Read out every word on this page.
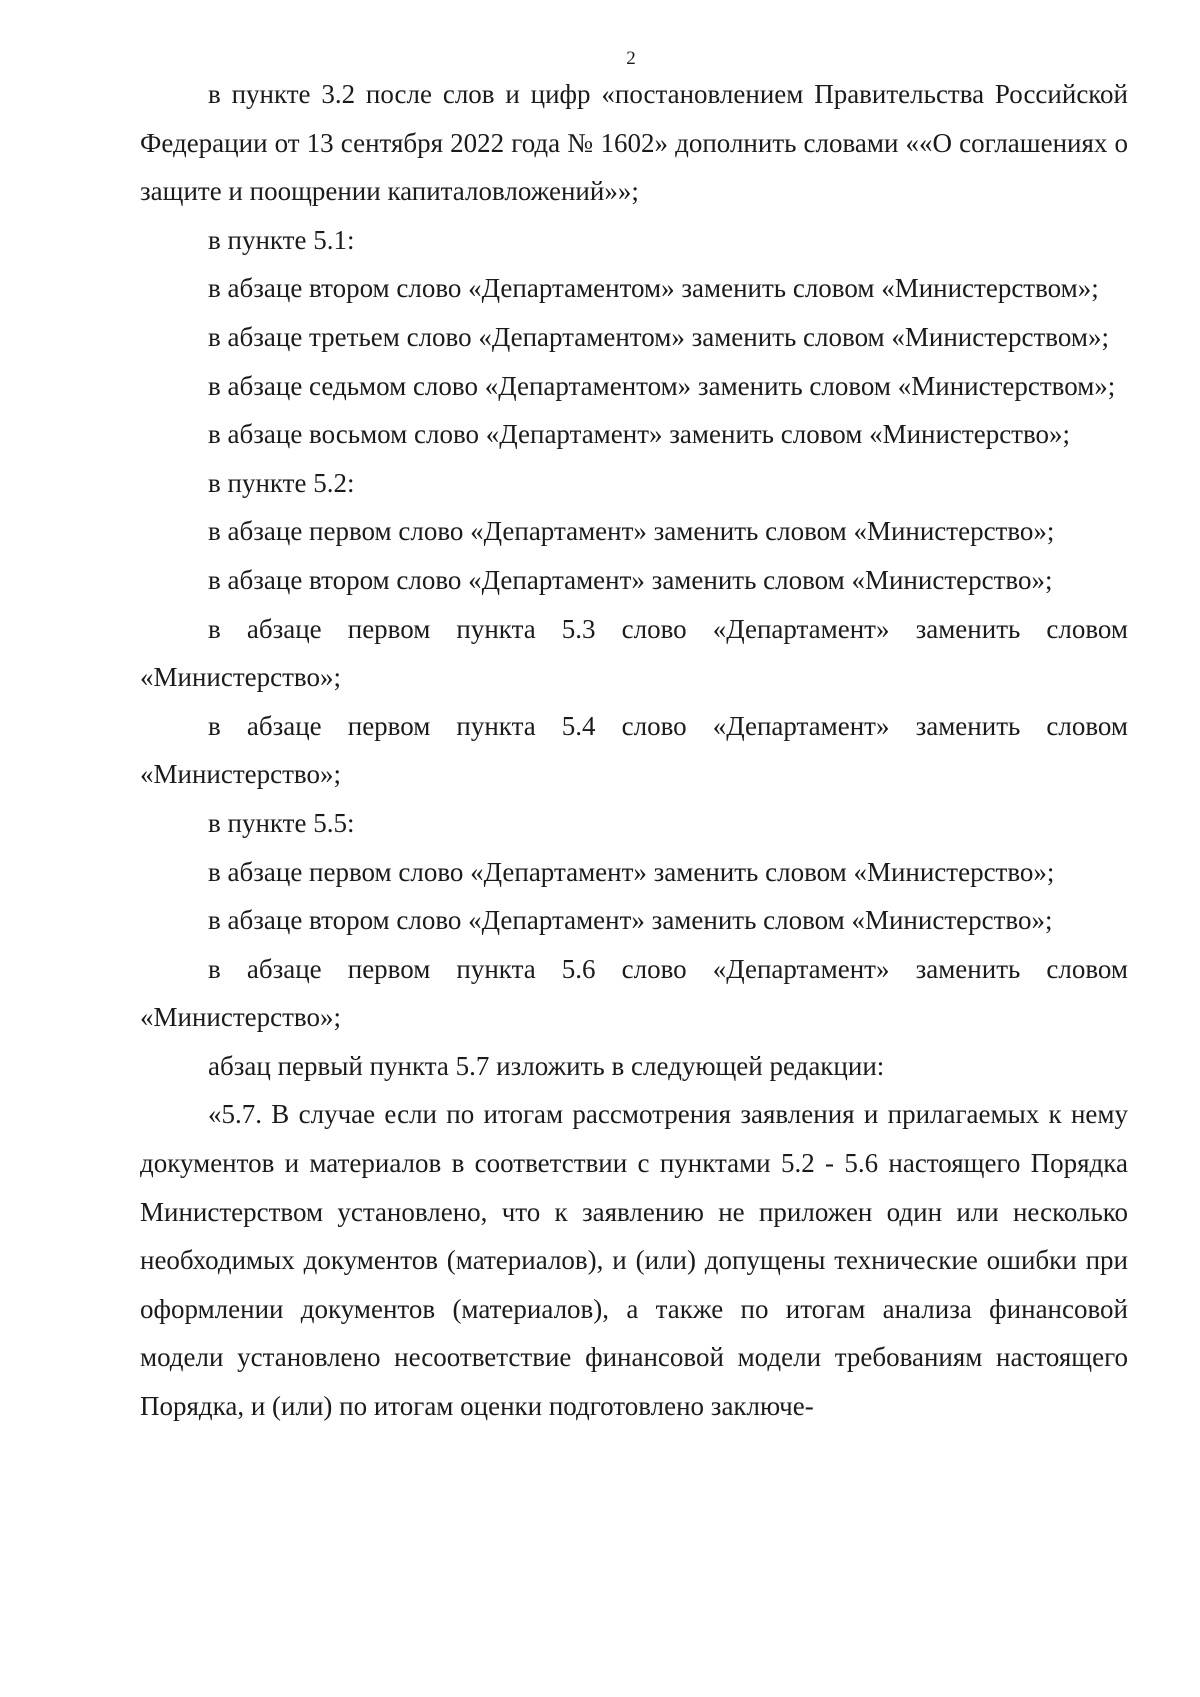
2

в пункте 3.2 после слов и цифр «постановлением Правительства Российской Федерации от 13 сентября 2022 года № 1602» дополнить словами ««О соглашениях о защите и поощрении капиталовложений»»;

в пункте 5.1:

в абзаце втором слово «Департаментом» заменить словом «Министерством»;

в абзаце третьем слово «Департаментом» заменить словом «Министерством»;

в абзаце седьмом слово «Департаментом» заменить словом «Министерством»;

в абзаце восьмом слово «Департамент» заменить словом «Министерство»;

в пункте 5.2:

в абзаце первом слово «Департамент» заменить словом «Министерство»;

в абзаце втором слово «Департамент» заменить словом «Министерство»;

в абзаце первом пункта 5.3 слово «Департамент» заменить словом «Министерство»;

в абзаце первом пункта 5.4 слово «Департамент» заменить словом «Министерство»;

в пункте 5.5:

в абзаце первом слово «Департамент» заменить словом «Министерство»;

в абзаце втором слово «Департамент» заменить словом «Министерство»;

в абзаце первом пункта 5.6 слово «Департамент» заменить словом «Министерство»;

абзац первый пункта 5.7 изложить в следующей редакции:

«5.7. В случае если по итогам рассмотрения заявления и прилагаемых к нему документов и материалов в соответствии с пунктами 5.2 - 5.6 настоящего Порядка Министерством установлено, что к заявлению не приложен один или несколько необходимых документов (материалов), и (или) допущены технические ошибки при оформлении документов (материалов), а также по итогам анализа финансовой модели установлено несоответствие финансовой модели требованиям настоящего Порядка, и (или) по итогам оценки подготовлено заключе-
